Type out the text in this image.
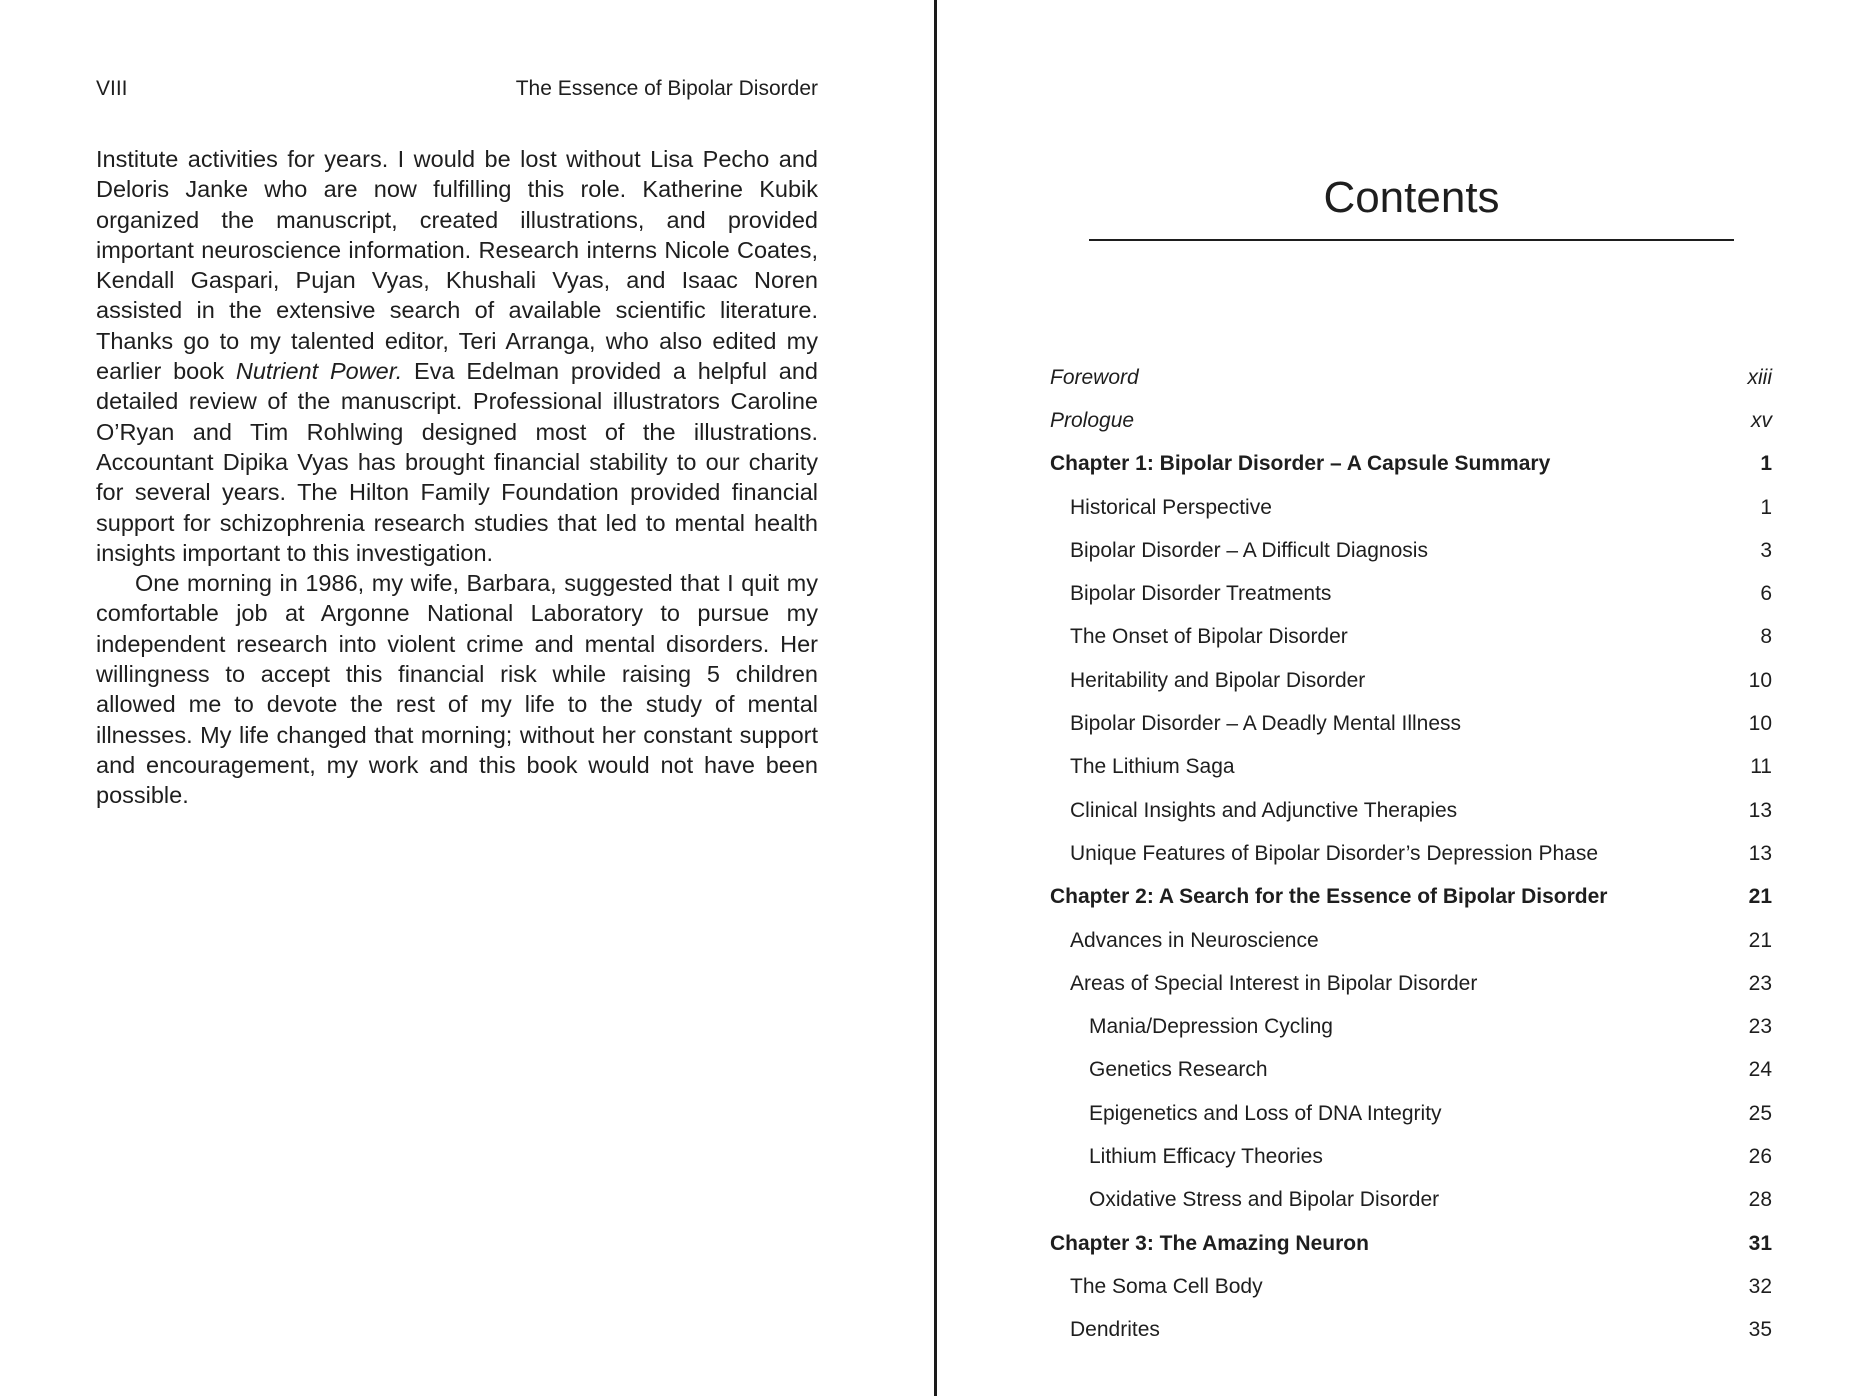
VIII	The Essence of Bipolar Disorder

Institute activities for years. I would be lost without Lisa Pecho and Deloris Janke who are now fulfilling this role. Katherine Kubik organized the manuscript, created illustrations, and provided important neuroscience information. Research interns Nicole Coates, Kendall Gaspari, Pujan Vyas, Khushali Vyas, and Isaac Noren assisted in the extensive search of available scientific literature. Thanks go to my talented editor, Teri Arranga, who also edited my earlier book Nutrient Power. Eva Edelman provided a helpful and detailed review of the manuscript. Professional illustrators Caroline O’Ryan and Tim Rohlwing designed most of the illustrations. Accountant Dipika Vyas has brought financial stability to our charity for several years. The Hilton Family Foundation provided financial support for schizophrenia research studies that led to mental health insights important to this investigation.

One morning in 1986, my wife, Barbara, suggested that I quit my comfortable job at Argonne National Laboratory to pursue my independent research into violent crime and mental disorders. Her willingness to accept this financial risk while raising 5 children allowed me to devote the rest of my life to the study of mental illnesses. My life changed that morning; without her constant support and encouragement, my work and this book would not have been possible.

Contents
Foreword	xiii
Prologue	xv
Chapter 1: Bipolar Disorder – A Capsule Summary	1
Historical Perspective	1
Bipolar Disorder – A Difficult Diagnosis	3
Bipolar Disorder Treatments	6
The Onset of Bipolar Disorder	8
Heritability and Bipolar Disorder	10
Bipolar Disorder – A Deadly Mental Illness	10
The Lithium Saga	11
Clinical Insights and Adjunctive Therapies	13
Unique Features of Bipolar Disorder’s Depression Phase	13
Chapter 2: A Search for the Essence of Bipolar Disorder	21
Advances in Neuroscience	21
Areas of Special Interest in Bipolar Disorder	23
Mania/Depression Cycling	23
Genetics Research	24
Epigenetics and Loss of DNA Integrity	25
Lithium Efficacy Theories	26
Oxidative Stress and Bipolar Disorder	28
Chapter 3: The Amazing Neuron	31
The Soma Cell Body	32
Dendrites	35
